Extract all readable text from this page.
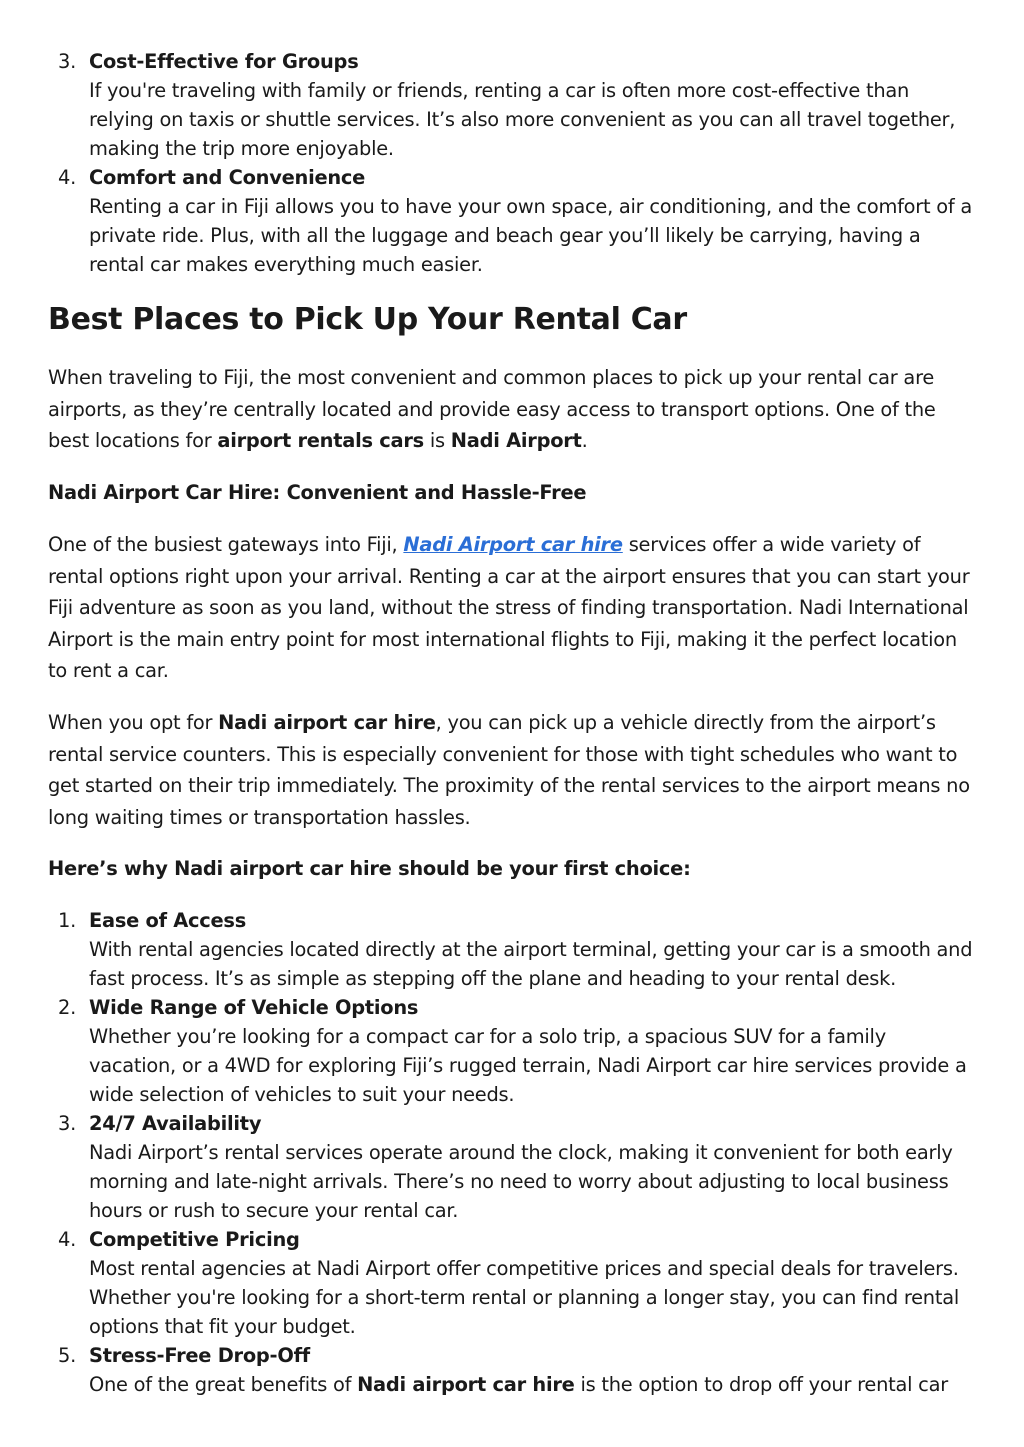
3. Cost-Effective for Groups
If you're traveling with family or friends, renting a car is often more cost-effective than relying on taxis or shuttle services. It’s also more convenient as you can all travel together, making the trip more enjoyable.
4. Comfort and Convenience
Renting a car in Fiji allows you to have your own space, air conditioning, and the comfort of a private ride. Plus, with all the luggage and beach gear you’ll likely be carrying, having a rental car makes everything much easier.
Best Places to Pick Up Your Rental Car

When traveling to Fiji, the most convenient and common places to pick up your rental car are airports, as they’re centrally located and provide easy access to transport options. One of the best locations for airport rentals cars is Nadi Airport.

Nadi Airport Car Hire: Convenient and Hassle-Free

One of the busiest gateways into Fiji, Nadi Airport car hire services offer a wide variety of rental options right upon your arrival. Renting a car at the airport ensures that you can start your Fiji adventure as soon as you land, without the stress of finding transportation. Nadi International Airport is the main entry point for most international flights to Fiji, making it the perfect location to rent a car.

When you opt for Nadi airport car hire, you can pick up a vehicle directly from the airport’s rental service counters. This is especially convenient for those with tight schedules who want to get started on their trip immediately. The proximity of the rental services to the airport means no long waiting times or transportation hassles.

Here’s why Nadi airport car hire should be your first choice:

1. Ease of Access
With rental agencies located directly at the airport terminal, getting your car is a smooth and fast process. It’s as simple as stepping off the plane and heading to your rental desk.
2. Wide Range of Vehicle Options
Whether you’re looking for a compact car for a solo trip, a spacious SUV for a family vacation, or a 4WD for exploring Fiji’s rugged terrain, Nadi Airport car hire services provide a wide selection of vehicles to suit your needs.
3. 24/7 Availability
Nadi Airport’s rental services operate around the clock, making it convenient for both early morning and late-night arrivals. There’s no need to worry about adjusting to local business hours or rush to secure your rental car.
4. Competitive Pricing
Most rental agencies at Nadi Airport offer competitive prices and special deals for travelers. Whether you're looking for a short-term rental or planning a longer stay, you can find rental options that fit your budget.
5. Stress-Free Drop-Off
One of the great benefits of Nadi airport car hire is the option to drop off your rental car
